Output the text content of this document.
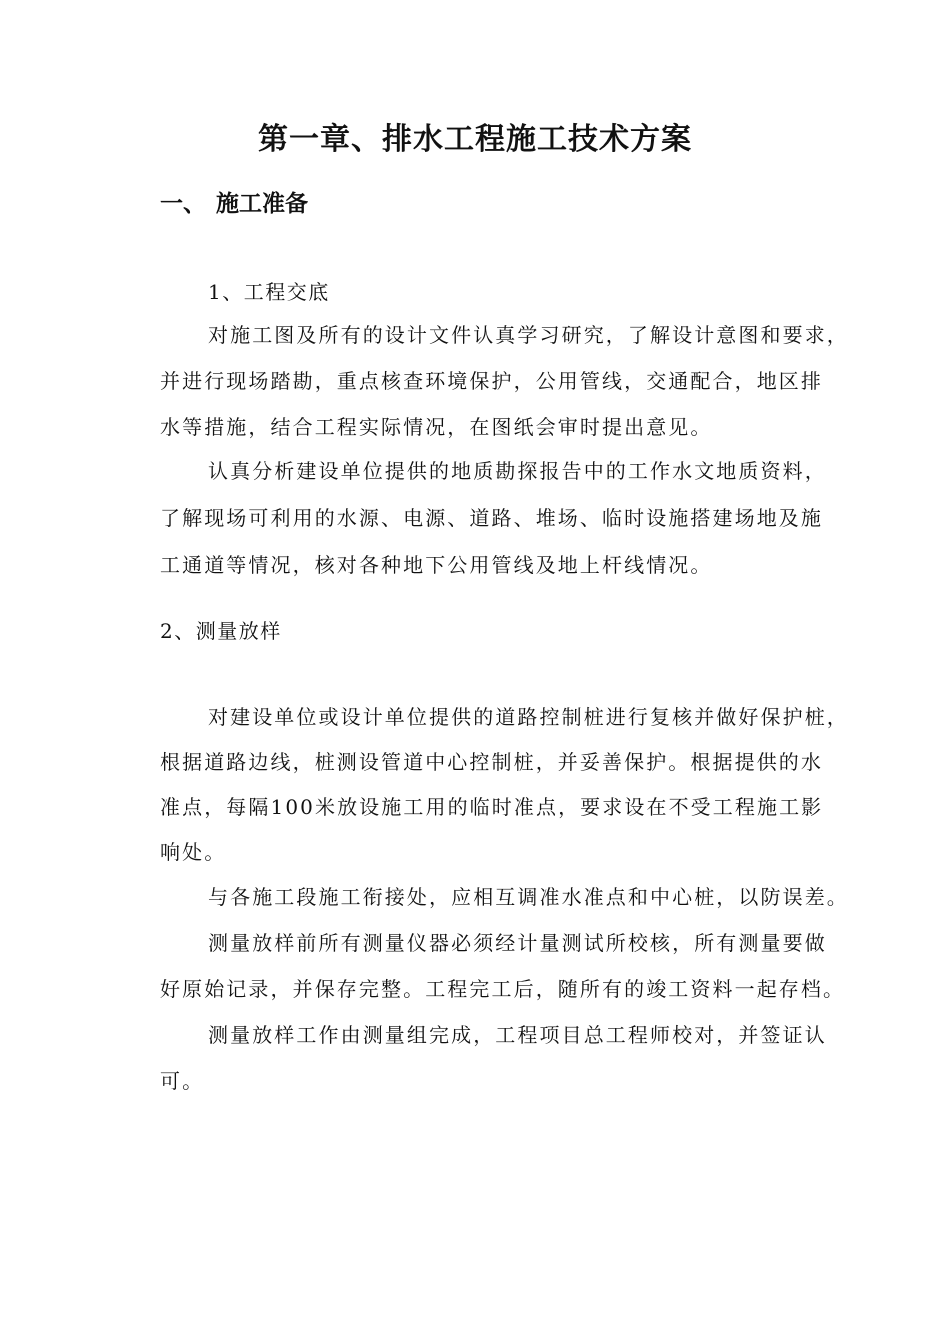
第一章、排水工程施工技术方案
一、 施工准备
1、工程交底
对施工图及所有的设计文件认真学习研究，了解设计意图和要求，
并进行现场踏勘，重点核查环境保护，公用管线，交通配合，地区排
水等措施，结合工程实际情况，在图纸会审时提出意见。
认真分析建设单位提供的地质勘探报告中的工作水文地质资料，
了解现场可利用的水源、电源、道路、堆场、临时设施搭建场地及施
工通道等情况，核对各种地下公用管线及地上杆线情况。
2、测量放样
对建设单位或设计单位提供的道路控制桩进行复核并做好保护桩，
根据道路边线，桩测设管道中心控制桩，并妥善保护。根据提供的水
准点，每隔100米放设施工用的临时准点，要求设在不受工程施工影
响处。
与各施工段施工衔接处，应相互调准水准点和中心桩，以防误差。
测量放样前所有测量仪器必须经计量测试所校核，所有测量要做
好原始记录，并保存完整。工程完工后，随所有的竣工资料一起存档。
测量放样工作由测量组完成，工程项目总工程师校对，并签证认
可。
